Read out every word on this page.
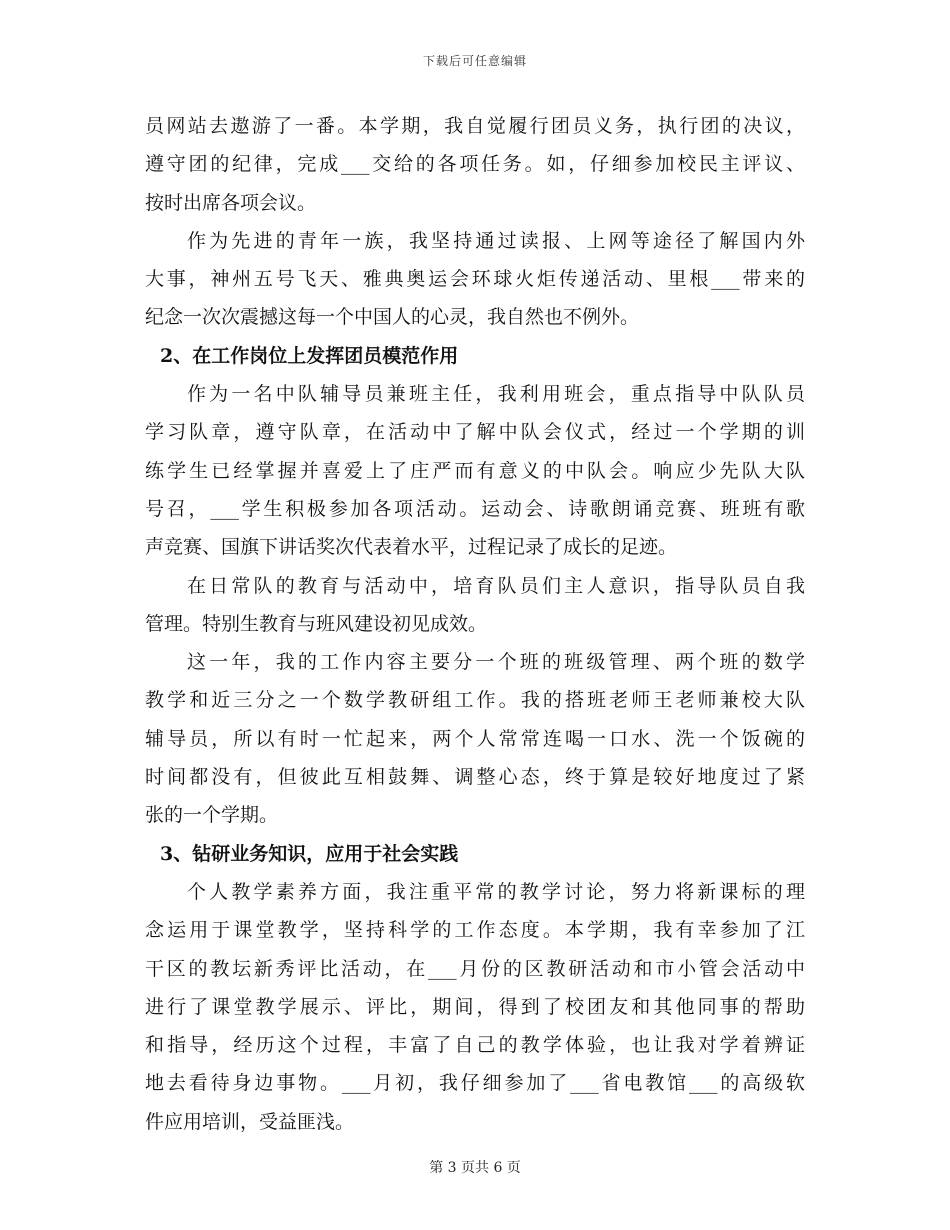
下载后可任意编辑
员网站去遨游了一番。本学期，我自觉履行团员义务，执行团的决议，
遵守团的纪律，完成___交给的各项任务。如，仔细参加校民主评议、
按时出席各项会议。
作为先进的青年一族，我坚持通过读报、上网等途径了解国内外
大事，神州五号飞天、雅典奥运会环球火炬传递活动、里根___带来的
纪念一次次震撼这每一个中国人的心灵，我自然也不例外。
2、在工作岗位上发挥团员模范作用
作为一名中队辅导员兼班主任，我利用班会，重点指导中队队员
学习队章，遵守队章，在活动中了解中队会仪式，经过一个学期的训
练学生已经掌握并喜爱上了庄严而有意义的中队会。响应少先队大队
号召，___学生积极参加各项活动。运动会、诗歌朗诵竞赛、班班有歌
声竞赛、国旗下讲话奖次代表着水平，过程记录了成长的足迹。
在日常队的教育与活动中，培育队员们主人意识，指导队员自我
管理。特别生教育与班风建设初见成效。
这一年，我的工作内容主要分一个班的班级管理、两个班的数学
教学和近三分之一个数学教研组工作。我的搭班老师王老师兼校大队
辅导员，所以有时一忙起来，两个人常常连喝一口水、洗一个饭碗的
时间都没有，但彼此互相鼓舞、调整心态，终于算是较好地度过了紧
张的一个学期。
3、钻研业务知识，应用于社会实践
个人教学素养方面，我注重平常的教学讨论，努力将新课标的理
念运用于课堂教学，坚持科学的工作态度。本学期，我有幸参加了江
干区的教坛新秀评比活动，在___月份的区教研活动和市小管会活动中
进行了课堂教学展示、评比，期间，得到了校团友和其他同事的帮助
和指导，经历这个过程，丰富了自己的教学体验，也让我对学着辨证
地去看待身边事物。___月初，我仔细参加了___省电教馆___的高级软
件应用培训，受益匪浅。
第 3 页共 6 页
